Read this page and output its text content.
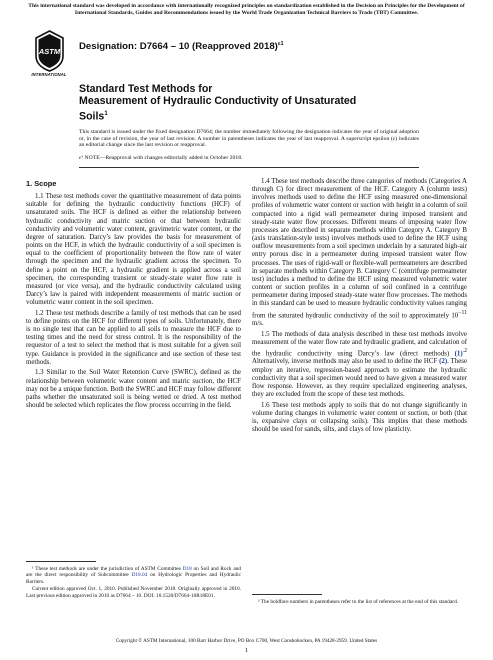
This international standard was developed in accordance with internationally recognized principles on standardization established in the Decision on Principles for the Development of International Standards, Guides and Recommendations issued by the World Trade Organization Technical Barriers to Trade (TBT) Committee.
ASTM
INTERNATIONAL
Designation: D7664 – 10 (Reapproved 2018)$^{\varepsilon 1}$
Standard Test Methods for
Measurement of Hydraulic Conductivity of Unsaturated
Soils$^1$
This standard is issued under the fixed designation D7664; the number immediately following the designation indicates the year of original adoption or, in the case of revision, the year of last revision. A number in parentheses indicates the year of last reapproval. A superscript epsilon (ε) indicates an editorial change since the last revision or reapproval.
ε¹ NOTE—Reapproval with changes editorially added in October 2018.
1. Scope

1.1 These test methods cover the quantitative measurement of data points suitable for defining the hydraulic conductivity functions (HCF) of unsaturated soils. The HCF is defined as either the relationship between hydraulic conductivity and matric suction or that between hydraulic conductivity and volumetric water content, gravimetric water content, or the degree of saturation. Darcy’s law provides the basis for measurement of points on the HCF, in which the hydraulic conductivity of a soil specimen is equal to the coefficient of proportionality between the flow rate of water through the specimen and the hydraulic gradient across the specimen. To define a point on the HCF, a hydraulic gradient is applied across a soil specimen, the corresponding transient or steady-state water flow rate is measured (or vice versa), and the hydraulic conductivity calculated using Darcy’s law is paired with independent measurements of matric suction or volumetric water content in the soil specimen.

1.2 These test methods describe a family of test methods that can be used to define points on the HCF for different types of soils. Unfortunately, there is no single test that can be applied to all soils to measure the HCF due to testing times and the need for stress control. It is the responsibility of the requestor of a test to select the method that is most suitable for a given soil type. Guidance is provided in the significance and use section of these test methods.

1.3 Similar to the Soil Water Retention Curve (SWRC), defined as the relationship between volumetric water content and matric suction, the HCF may not be a unique function. Both the SWRC and HCF may follow different paths whether the unsaturated soil is being wetted or dried. A test method should be selected which replicates the flow process occurring in the field.

1.4 These test methods describe three categories of methods (Categories A through C) for direct measurement of the HCF. Category A (column tests) involves methods used to define the HCF using measured one-dimensional profiles of volumetric water content or suction with height in a column of soil compacted into a rigid wall permeameter during imposed transient and steady-state water flow processes. Different means of imposing water flow processes are described in separate methods within Category A. Category B (axis translation-style tests) involves methods used to define the HCF using outflow measurements from a soil specimen underlain by a saturated high-air entry porous disc in a permeameter during imposed transient water flow processes. The uses of rigid-wall or flexible-wall permeameters are described in separate methods within Category B. Category C (centrifuge permeameter test) includes a method to define the HCF using measured volumetric water content or suction profiles in a column of soil confined in a centrifuge permeameter during imposed steady-state water flow processes. The methods in this standard can be used to measure hydraulic conductivity values ranging from the saturated hydraulic conductivity of the soil to approximately $10^{-11}$ m/s.

1.5 The methods of data analysis described in these test methods involve measurement of the water flow rate and hydraulic gradient, and calculation of the hydraulic conductivity using Darcy’s law (direct methods) $(1)^{.2}$ Alternatively, inverse methods may also be used to define the HCF (2). These employ an iterative, regression-based approach to estimate the hydraulic conductivity that a soil specimen would need to have given a measured water flow response. However, as they require specialized engineering analyses, they are excluded from the scope of these test methods.

1.6 These test methods apply to soils that do not change significantly in volume during changes in volumetric water content or suction, or both (that is, expansive clays or collapsing soils). This implies that these methods should be used for sands, silts, and clays of low plasticity.

¹ These test methods are under the jurisdiction of ASTM Committee D18 on Soil and Rock and are the direct responsibility of Subcommittee D18.04 on Hydrologic Properties and Hydraulic Barriers.

Current edition approved Oct. 1, 2010. Published November 2018. Originally approved in 2010. Last previous edition approved in 2010 as D7664 – 10. DOI: 10.1520/D7664-10R18E01.

² The boldface numbers in parentheses refer to the list of references at the end of this standard.

Copyright © ASTM International, 100 Barr Harbor Drive, PO Box C700, West Conshohocken, PA 19428-2959. United States
1
